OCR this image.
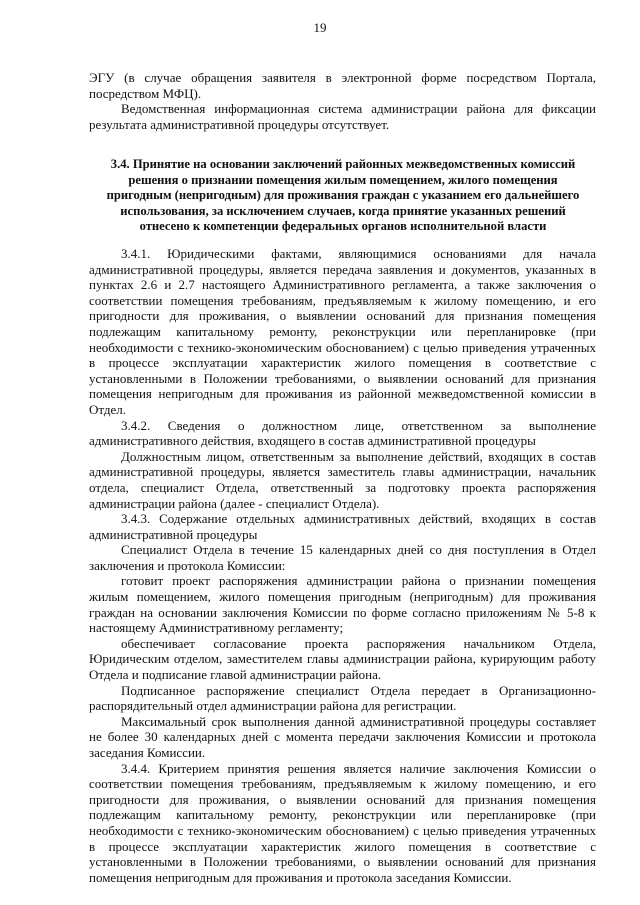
19

ЭГУ (в случае обращения заявителя в электронной форме посредством Портала, посредством МФЦ).

Ведомственная информационная система администрации района для фиксации результата административной процедуры отсутствует.

3.4. Принятие на основании заключений районных межведомственных комиссий решения о признании помещения жилым помещением, жилого помещения пригодным (непригодным) для проживания граждан с указанием его дальнейшего использования, за исключением случаев, когда принятие указанных решений отнесено к компетенции федеральных органов исполнительной власти

3.4.1. Юридическими фактами, являющимися основаниями для начала административной процедуры, является передача заявления и документов, указанных в пунктах 2.6 и 2.7 настоящего Административного регламента, а также заключения о соответствии помещения требованиям, предъявляемым к жилому помещению, и его пригодности для проживания, о выявлении оснований для признания помещения подлежащим капитальному ремонту, реконструкции или перепланировке (при необходимости с технико-экономическим обоснованием) с целью приведения утраченных в процессе эксплуатации характеристик жилого помещения в соответствие с установленными в Положении требованиями, о выявлении оснований для признания помещения непригодным для проживания из районной межведомственной комиссии в Отдел.

3.4.2. Сведения о должностном лице, ответственном за выполнение административного действия, входящего в состав административной процедуры

Должностным лицом, ответственным за выполнение действий, входящих в состав административной процедуры, является заместитель главы администрации, начальник отдела, специалист Отдела, ответственный за подготовку проекта распоряжения администрации района (далее - специалист Отдела).

3.4.3. Содержание отдельных административных действий, входящих в состав административной процедуры

Специалист Отдела в течение 15 календарных дней со дня поступления в Отдел заключения и протокола Комиссии:

готовит проект распоряжения администрации района о признании помещения жилым помещением, жилого помещения пригодным (непригодным) для проживания граждан на основании заключения Комиссии по форме согласно приложениям № 5-8 к настоящему Административному регламенту;

обеспечивает согласование проекта распоряжения начальником Отдела, Юридическим отделом, заместителем главы администрации района, курирующим работу Отдела и подписание главой администрации района.

Подписанное распоряжение специалист Отдела передает в Организационно-распорядительный отдел администрации района для регистрации.

Максимальный срок выполнения данной административной процедуры составляет не более 30 календарных дней с момента передачи заключения Комиссии и протокола заседания Комиссии.

3.4.4. Критерием принятия решения является наличие заключения Комиссии о соответствии помещения требованиям, предъявляемым к жилому помещению, и его пригодности для проживания, о выявлении оснований для признания помещения подлежащим капитальному ремонту, реконструкции или перепланировке (при необходимости с технико-экономическим обоснованием) с целью приведения утраченных в процессе эксплуатации характеристик жилого помещения в соответствие с установленными в Положении требованиями, о выявлении оснований для признания помещения непригодным для проживания и протокола заседания Комиссии.
